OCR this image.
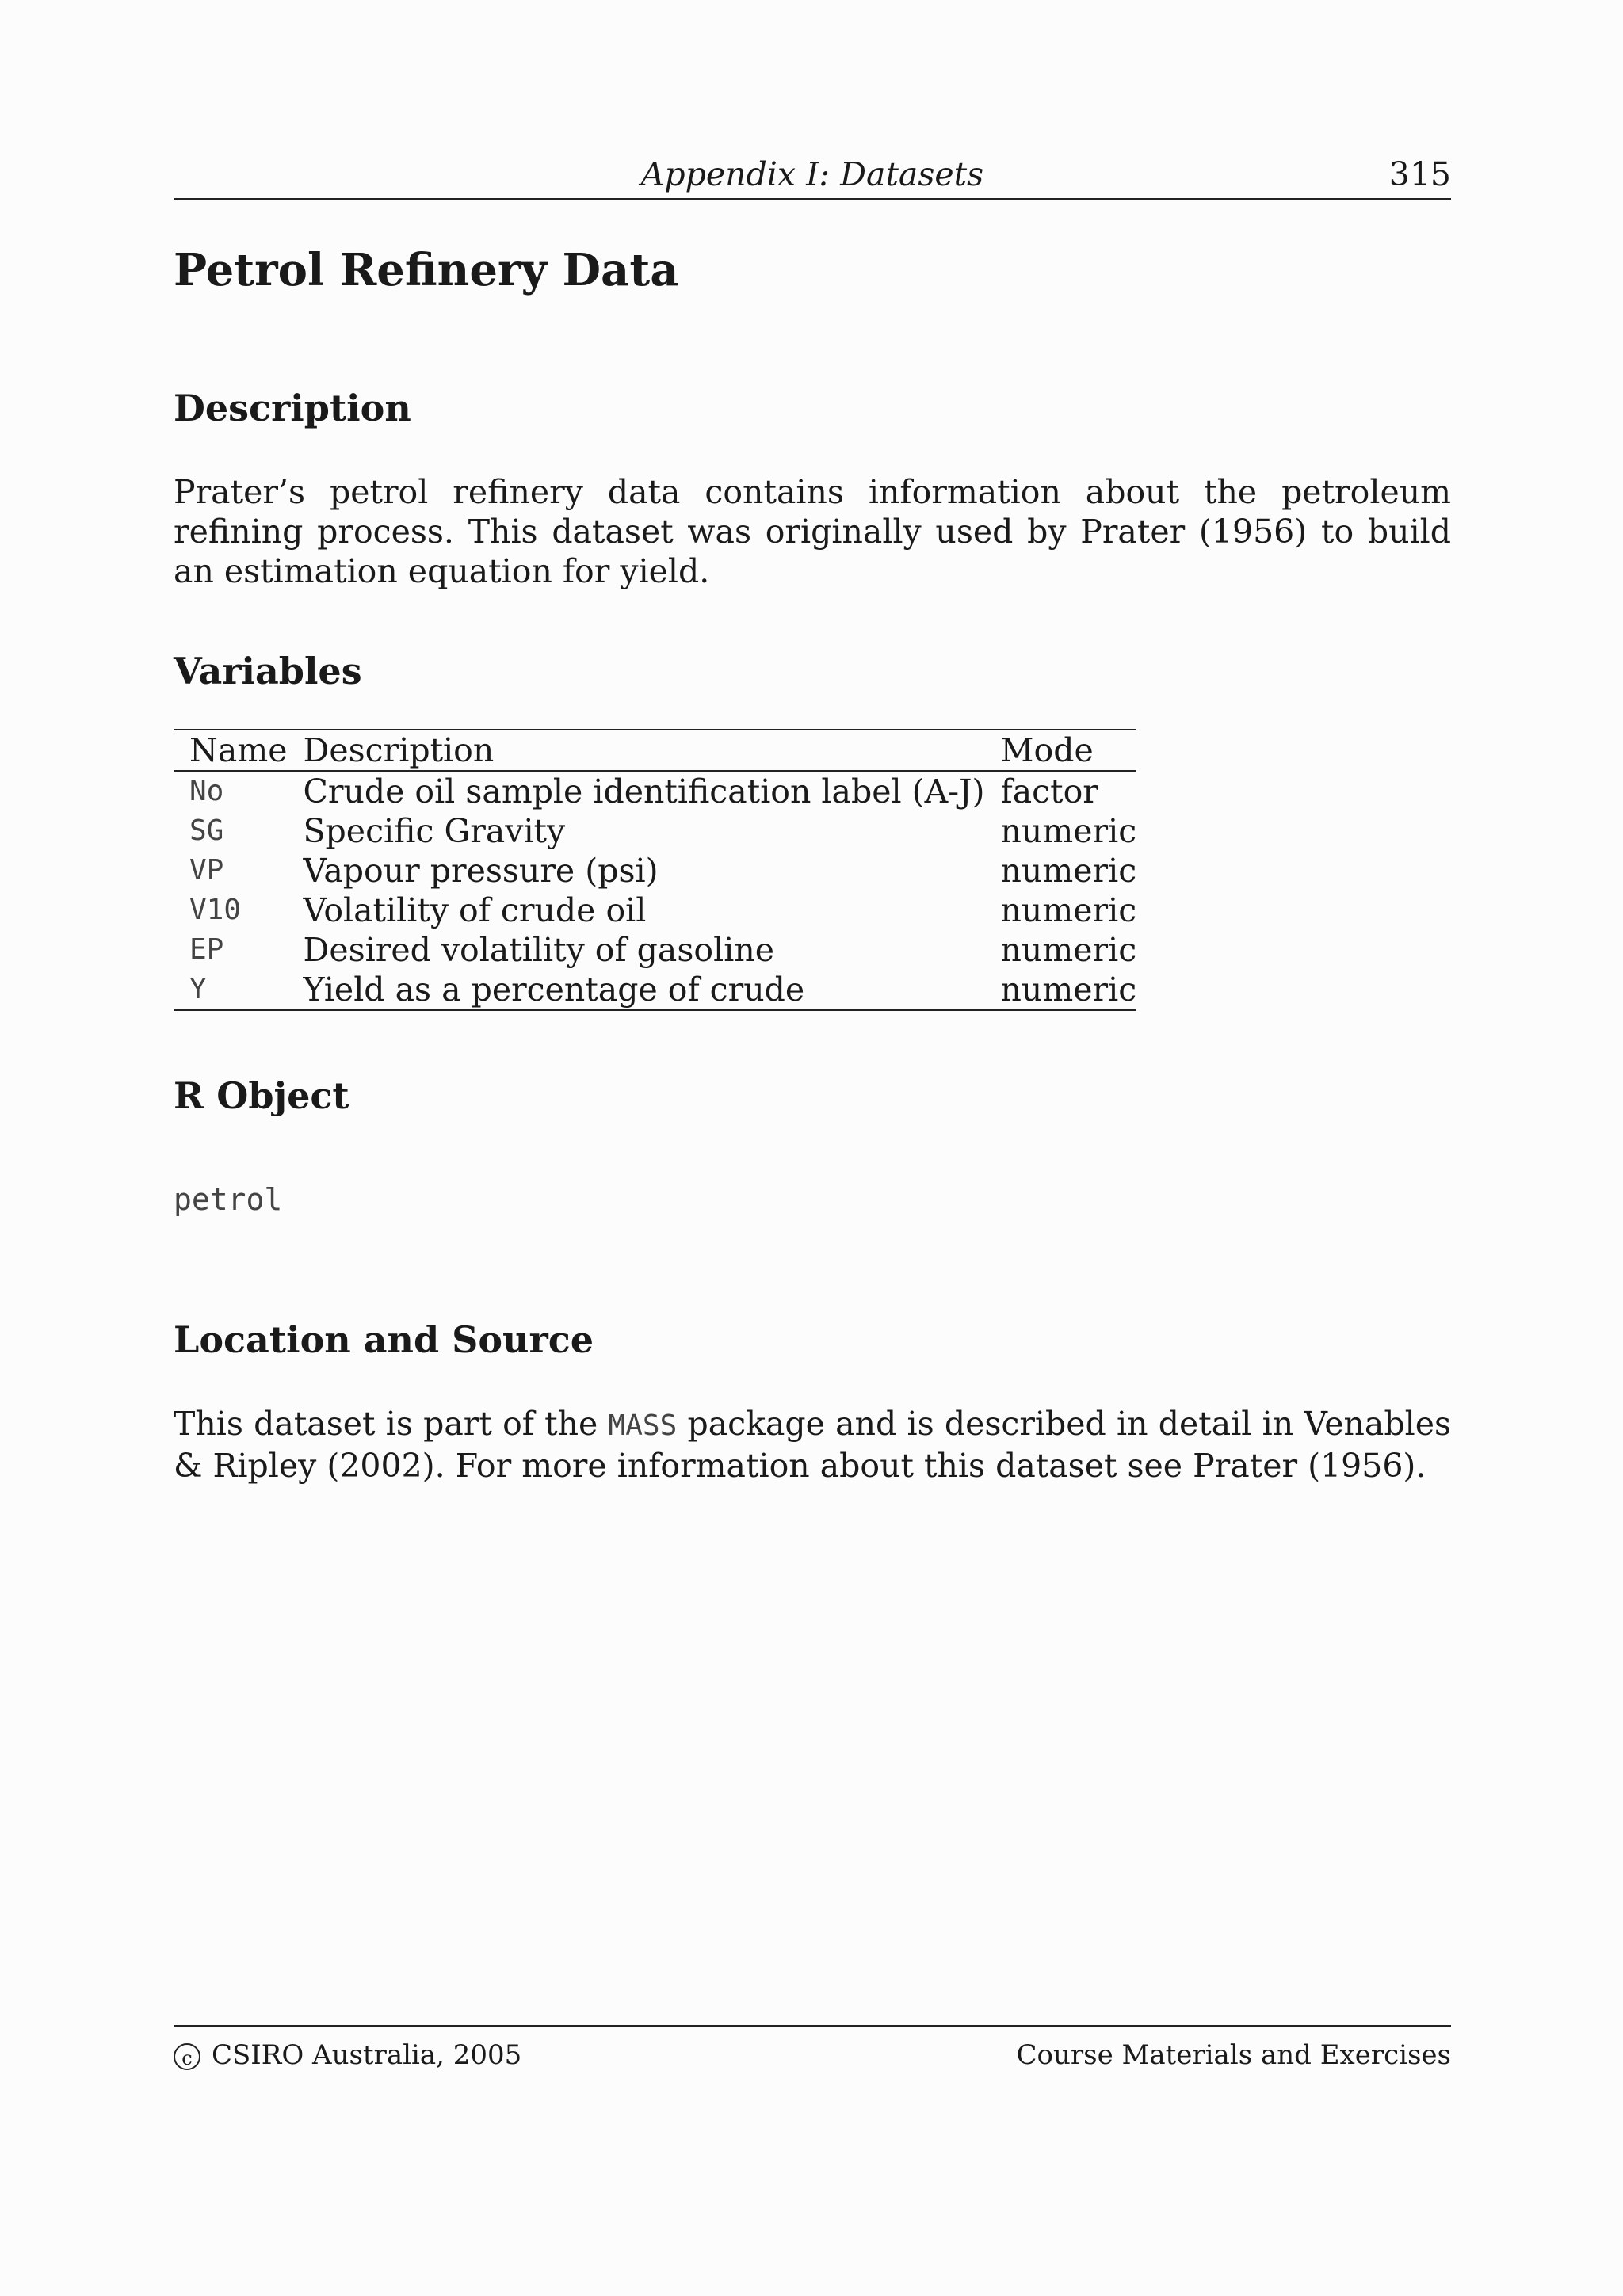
Appendix I: Datasets	315
Petrol Refinery Data
Description

Prater’s petrol refinery data contains information about the petroleum refining process. This dataset was originally used by Prater (1956) to build an estimation equation for yield.

Variables
Name	Description	Mode
No	Crude oil sample identification label (A-J)	factor
SG	Specific Gravity	numeric
VP	Vapour pressure (psi)	numeric
V10	Volatility of crude oil	numeric
EP	Desired volatility of gasoline	numeric
Y	Yield as a percentage of crude	numeric
R Object

petrol

Location and Source

This dataset is part of the MASS package and is described in detail in Venables & Ripley (2002). For more information about this dataset see Prater (1956).

c CSIRO Australia, 2005	Course Materials and Exercises
